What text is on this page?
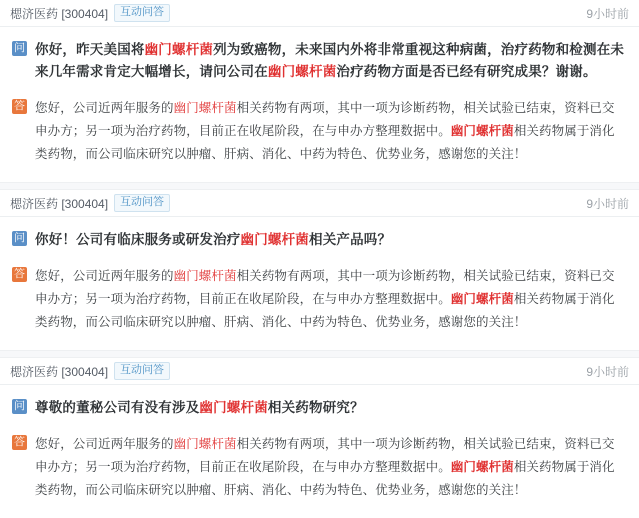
楒济医药 [300404]	互动问答	9小时前
问 你好，昨天美国将幽门螺杆菌列为致癌物，未来国内外将非常重视这种病菌，治疗药物和检测在未来几年需求肯定大幅增长，请问公司在幽门螺杆菌治疗药物方面是否已经有研究成果？谢谢。
答 您好，公司近两年服务的幽门螺杆菌相关药物有两项，其中一项为诊断药物，相关试验已结束，资料已交申办方；另一项为治疗药物，目前正在收尾阶段，在与申办方整理数据中。幽门螺杆菌相关药物属于消化类药物，而公司临床研究以肿瘤、肝病、消化、中药为特色、优势业务，感谢您的关注！
楒济医药 [300404]	互动问答	9小时前
问 你好！公司有临床服务或研发治疗幽门螺杆菌相关产品吗？
答 您好，公司近两年服务的幽门螺杆菌相关药物有两项，其中一项为诊断药物，相关试验已结束，资料已交申办方；另一项为治疗药物，目前正在收尾阶段，在与申办方整理数据中。幽门螺杆菌相关药物属于消化类药物，而公司临床研究以肿瘤、肝病、消化、中药为特色、优势业务，感谢您的关注！
楒济医药 [300404]	互动问答	9小时前
问 尊敬的董秘公司有没有涉及幽门螺杆菌相关药物研究？
答 您好，公司近两年服务的幽门螺杆菌相关药物有两项，其中一项为诊断药物，相关试验已结束，资料已交申办方；另一项为治疗药物，目前正在收尾阶段，在与申办方整理数据中。幽门螺杆菌相关药物属于消化类药物，而公司临床研究以肿瘤、肝病、消化、中药为特色、优势业务，感谢您的关注！
